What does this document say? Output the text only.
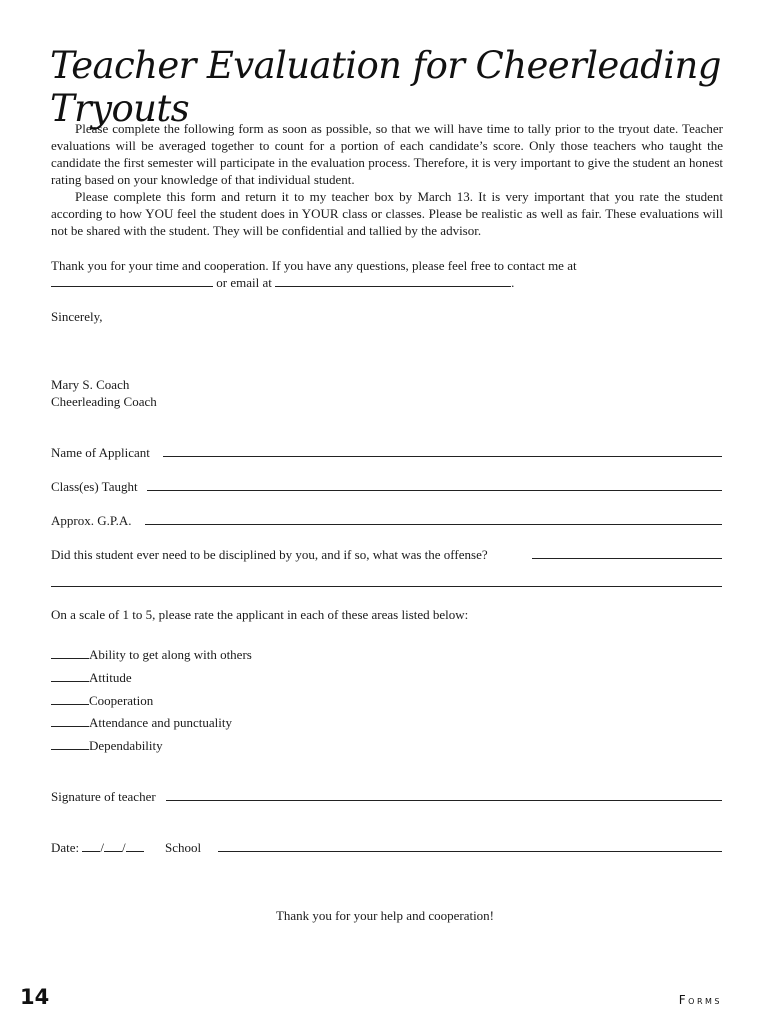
Teacher Evaluation for Cheerleading Tryouts

Please complete the following form as soon as possible, so that we will have time to tally prior to the tryout date. Teacher evaluations will be averaged together to count for a portion of each candidate’s score. Only those teachers who taught the candidate the first semester will participate in the evaluation process. Therefore, it is very important to give the student an honest rating based on your knowledge of that individual student.

Please complete this form and return it to my teacher box by March 13. It is very important that you rate the student according to how YOU feel the student does in YOUR class or classes. Please be realistic as well as fair. These evaluations will not be shared with the student. They will be confidential and tallied by the advisor.

Thank you for your time and cooperation. If you have any questions, please feel free to contact me at

or email at	.

Sincerely,

Mary S. Coach

Cheerleading Coach

Name of Applicant

Class(es) Taught

Approx. G.P.A.

Did this student ever need to be disciplined by you, and if so, what was the offense?

On a scale of 1 to 5, please rate the applicant in each of these areas listed below:

Ability to get along with others

Attitude

Cooperation

Attendance and punctuality

Dependability

Signature of teacher

Date: / /	School

Thank you for your help and cooperation!

14	Forms
